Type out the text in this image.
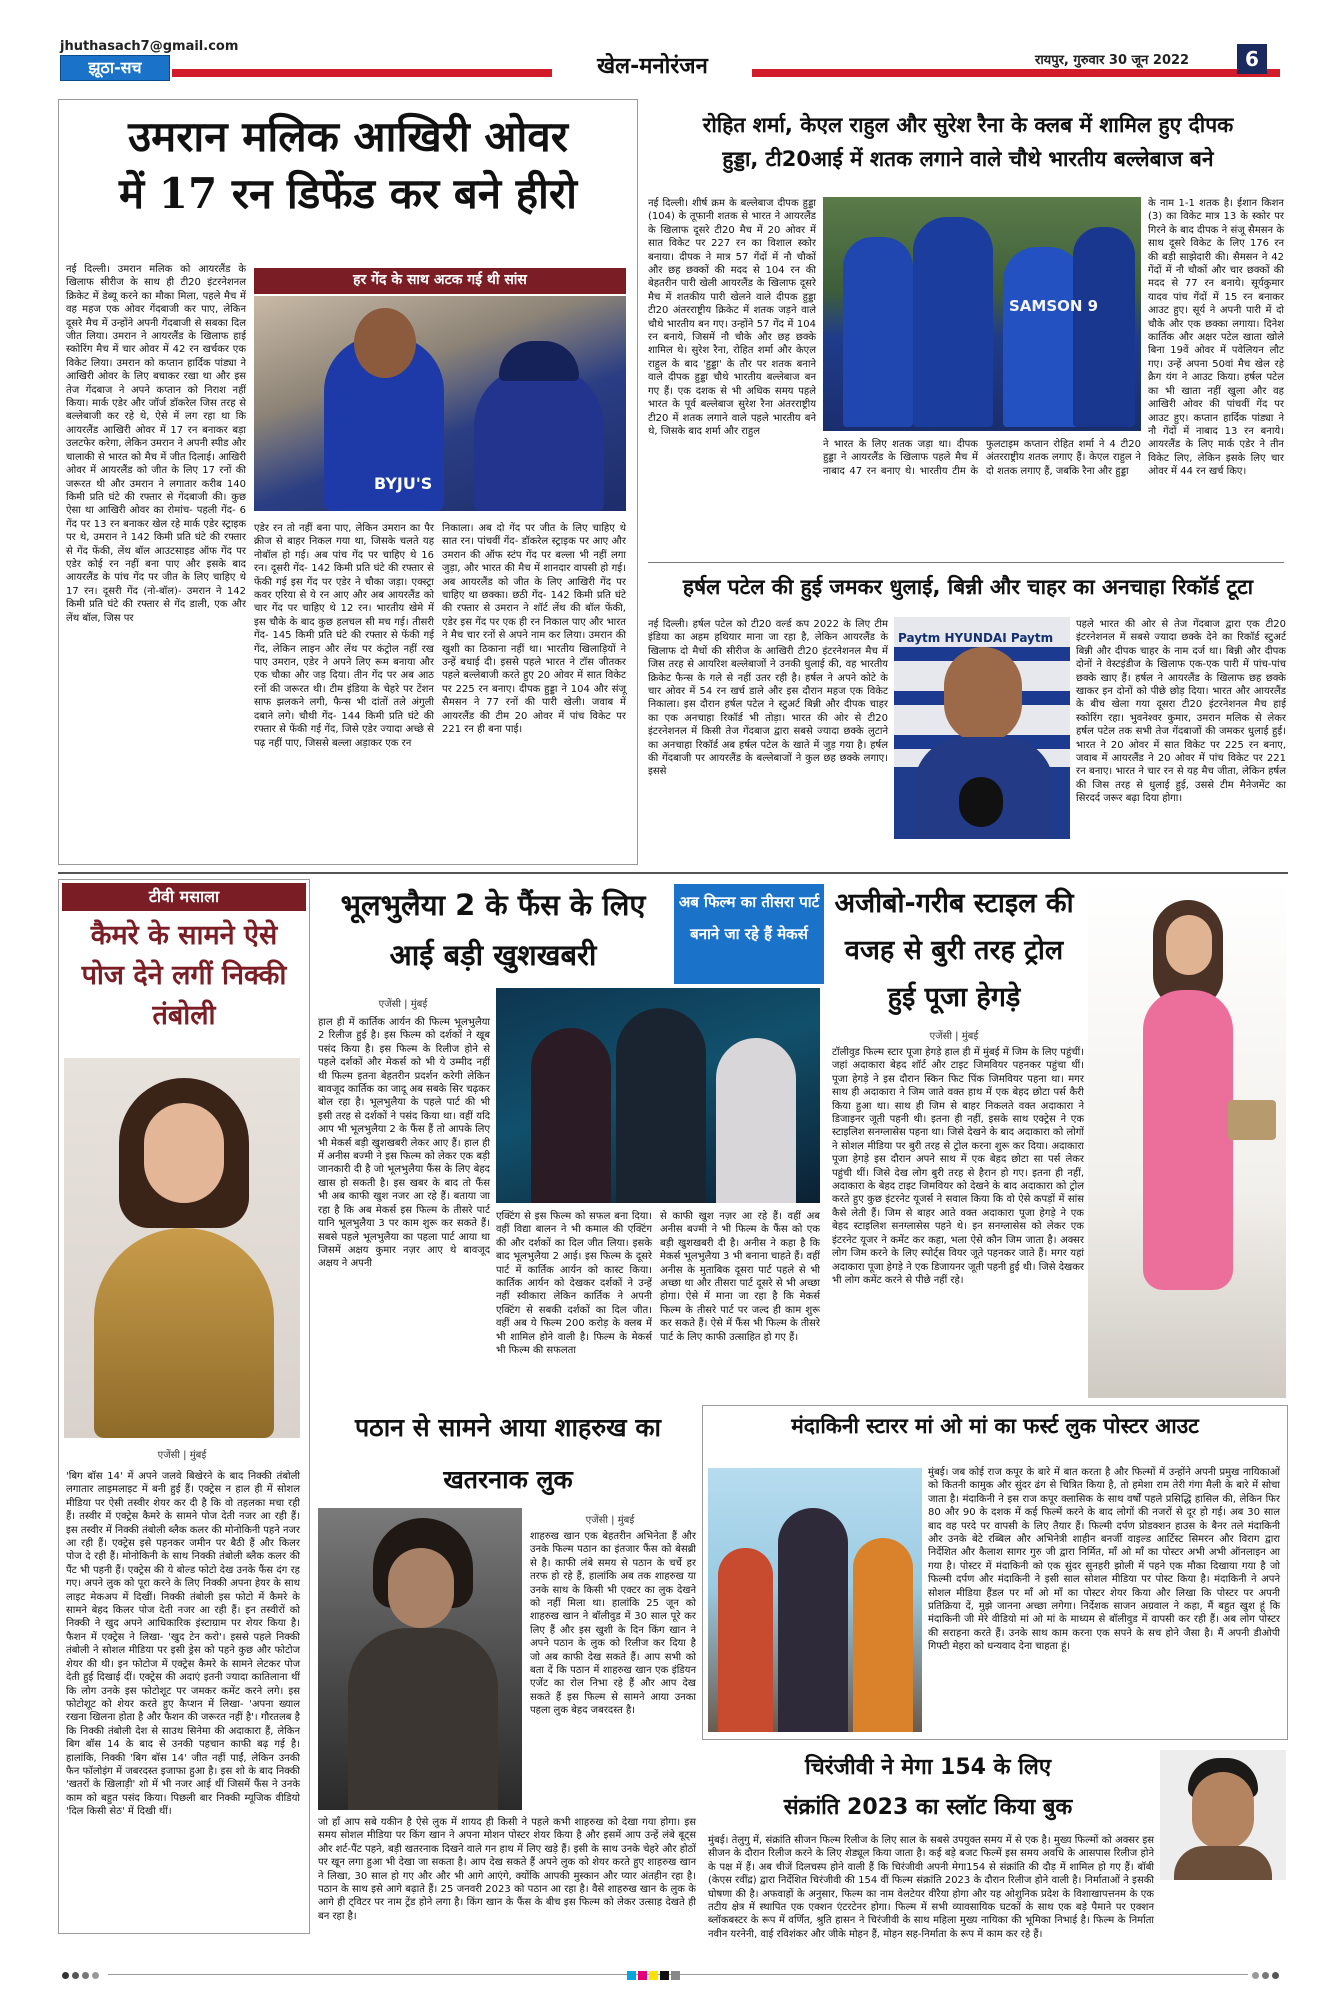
jhuthasach7@gmail.com
झूठा-सच	खेल-मनोरंजन	रायपुर, गुरुवार 30 जून 2022	6
उमरान मलिक आखिरी ओवर
में 17 रन डिफेंड कर बने हीरो
BYJU'S
हर गेंद के साथ अटक गई थी सांस
नई दिल्ली। उमरान मलिक को आयरलैंड के खिलाफ सीरीज के साथ ही टी20 इंटरनेशनल क्रिकेट में डेब्यू करने का मौका मिला, पहले मैच में वह महज एक ओवर गेंदबाजी कर पाए, लेकिन दूसरे मैच में उन्होंने अपनी गेंदबाजी से सबका दिल जीत लिया। उमरान ने आयरलैंड के खिलाफ हाई स्कोरिंग मैच में चार ओवर में 42 रन खर्चकर एक विकेट लिया। उमरान को कप्तान हार्दिक पांड्या ने आखिरी ओवर के लिए बचाकर रखा था और इस तेज गेंदबाज ने अपने कप्तान को निराश नहीं किया। मार्क एडेर और जॉर्ज डॉकरेल जिस तरह से बल्लेबाजी कर रहे थे, ऐसे में लग रहा था कि आयरलैंड आखिरी ओवर में 17 रन बनाकर बड़ा उलटफेर करेगा, लेकिन उमरान ने अपनी स्पीड और चालाकी से भारत को मैच में जीत दिलाई। आखिरी ओवर में आयरलैंड को जीत के लिए 17 रनों की जरूरत थी और उमरान ने लगातार करीब 140 किमी प्रति घंटे की रफ्तार से गेंदबाजी की। कुछ ऐसा था आखिरी ओवर का रोमांच- पहली गेंद- 6 गेंद पर 13 रन बनाकर खेल रहे मार्क एडेर स्ट्राइक पर थे, उमरान ने 142 किमी प्रति घंटे की रफ्तार से गेंद फेंकी, लेंथ बॉल आउटसाइड ऑफ गेंद पर एडेर कोई रन नहीं बना पाए और इसके बाद आयरलैंड के पांच गेंद पर जीत के लिए चाहिए थे 17 रन। दूसरी गेंद (नो-बॉल)- उमरान ने 142 किमी प्रति घंटे की रफ्तार से गेंद डाली, एक और लेंथ बॉल, जिस पर
एडेर रन तो नहीं बना पाए, लेकिन उमरान का पैर क्रीज से बाहर निकल गया था, जिसके चलते यह नोबॉल हो गई। अब पांच गेंद पर चाहिए थे 16 रन। दूसरी गेंद- 142 किमी प्रति घंटे की रफ्तार से फेंकी गई इस गेंद पर एडेर ने चौका जड़ा। एक्स्ट्रा कवर एरिया से ये रन आए और अब आयरलैंड को चार गेंद पर चाहिए थे 12 रन। भारतीय खेमे में इस चौके के बाद कुछ हलचल सी मच गई। तीसरी गेंद- 145 किमी प्रति घंटे की रफ्तार से फेंकी गई गेंद, लेकिन लाइन और लेंथ पर कंट्रोल नहीं रख पाए उमरान, एडेर ने अपने लिए रूम बनाया और एक चौका और जड़ दिया। तीन गेंद पर अब आठ रनों की जरूरत थी। टीम इंडिया के चेहरे पर टेंशन साफ झलकने लगी, फैन्स भी दांतों तले अंगुली दबाने लगे। चौथी गेंद- 144 किमी प्रति घंटे की रफ्तार से फेंकी गई गेंद, जिसे एडेर ज्यादा अच्छे से पढ़ नहीं पाए, जिससे बल्ला अड़ाकर एक रन
निकाला। अब दो गेंद पर जीत के लिए चाहिए थे सात रन। पांचवीं गेंद- डॉकरेल स्ट्राइक पर आए और उमरान की ऑफ स्टंप गेंद पर बल्ला भी नहीं लगा जुड़ा, और भारत की मैच में शानदार वापसी हो गई। अब आयरलैंड को जीत के लिए आखिरी गेंद पर चाहिए था छक्का। छठी गेंद- 142 किमी प्रति घंटे की रफ्तार से उमरान ने शॉर्ट लेंथ की बॉल फेंकी, एडेर इस गेंद पर एक ही रन निकाल पाए और भारत ने मैच चार रनों से अपने नाम कर लिया। उमरान की खुशी का ठिकाना नहीं था। भारतीय खिलाड़ियों ने उन्हें बधाई दी। इससे पहले भारत ने टॉस जीतकर पहले बल्लेबाजी करते हुए 20 ओवर में सात विकेट पर 225 रन बनाए। दीपक हुड्डा ने 104 और संजू सैमसन ने 77 रनों की पारी खेली। जवाब में आयरलैंड की टीम 20 ओवर में पांच विकेट पर 221 रन ही बना पाई।
रोहित शर्मा, केएल राहुल और सुरेश रैना के क्लब में शामिल हुए दीपक
हुड्डा, टी20आई में शतक लगाने वाले चौथे भारतीय बल्लेबाज बने
नई दिल्ली। शीर्ष क्रम के बल्लेबाज दीपक हुड्डा (104) के तूफानी शतक से भारत ने आयरलैंड के खिलाफ दूसरे टी20 मैच में 20 ओवर में सात विकेट पर 227 रन का विशाल स्कोर बनाया। दीपक ने मात्र 57 गेंदों में नौ चौकों और छह छक्कों की मदद से 104 रन की बेहतरीन पारी खेली आयरलैंड के खिलाफ दूसरे मैच में शतकीय पारी खेलने वाले दीपक हुड्डा टी20 अंतरराष्ट्रीय क्रिकेट में शतक जड़ने वाले चौथे भारतीय बन गए। उन्होंने 57 गेंद में 104 रन बनाये, जिसमें नौ चौके और छह छक्के शामिल थे। सुरेश रैना, रोहित शर्मा और केएल राहुल के बाद 'हुड्डा' के तौर पर शतक बनाने वाले दीपक हुड्डा चौथे भारतीय बल्लेबाज बन गए हैं। एक दशक से भी अधिक समय पहले भारत के पूर्व बल्लेबाज सुरेश रैना अंतरराष्ट्रीय टी20 में शतक लगाने वाले पहले भारतीय बने थे, जिसके बाद शर्मा और राहुल
SAMSON 9
ने भारत के लिए शतक जड़ा था। दीपक हुड्डा ने आयरलैंड के खिलाफ पहले मैच में नाबाद 47 रन बनाए थे। भारतीय टीम के फुलटाइम कप्तान रोहित शर्मा ने 4 टी20 अंतरराष्ट्रीय शतक लगाए हैं। केएल राहुल ने दो शतक लगाए हैं, जबकि रैना और हुड्डा
के नाम 1-1 शतक है। ईशान किशन (3) का विकेट मात्र 13 के स्कोर पर गिरने के बाद दीपक ने संजू सैमसन के साथ दूसरे विकेट के लिए 176 रन की बड़ी साझेदारी की। सैमसन ने 42 गेंदों में नौ चौकों और चार छक्कों की मदद से 77 रन बनाये। सूर्यकुमार यादव पांच गेंदों में 15 रन बनाकर आउट हुए। सूर्य ने अपनी पारी में दो चौके और एक छक्का लगाया। दिनेश कार्तिक और अक्षर पटेल खाता खोले बिना 19वें ओवर में पवेलियन लौट गए। उन्हें अपना 50वां मैच खेल रहे क्रैग यंग ने आउट किया। हर्षल पटेल का भी खाता नहीं खुला और वह आखिरी ओवर की पांचवीं गेंद पर आउट हुए। कप्तान हार्दिक पांड्या ने नौ गेंदों में नाबाद 13 रन बनाये। आयरलैंड के लिए मार्क एडेर ने तीन विकेट लिए, लेकिन इसके लिए चार ओवर में 44 रन खर्च किए।
हर्षल पटेल की हुई जमकर धुलाई, बिन्नी और चाहर का अनचाहा रिकॉर्ड टूटा
नई दिल्ली। हर्षल पटेल को टी20 वर्ल्ड कप 2022 के लिए टीम इंडिया का अहम हथियार माना जा रहा है, लेकिन आयरलैंड के खिलाफ दो मैचों की सीरीज के आखिरी टी20 इंटरनेशनल मैच में जिस तरह से आयरिश बल्लेबाजों ने उनकी धुलाई की, वह भारतीय क्रिकेट फैन्स के गले से नहीं उतर रही है। हर्षल ने अपने कोटे के चार ओवर में 54 रन खर्च डाले और इस दौरान महज एक विकेट निकाला। इस दौरान हर्षल पटेल ने स्टुअर्ट बिन्नी और दीपक चाहर का एक अनचाहा रिकॉर्ड भी तोड़ा। भारत की ओर से टी20 इंटरनेशनल में किसी तेज गेंदबाज द्वारा सबसे ज्यादा छक्के लुटाने का अनचाहा रिकॉर्ड अब हर्षल पटेल के खाते में जुड़ गया है। हर्षल की गेंदबाजी पर आयरलैंड के बल्लेबाजों ने कुल छह छक्के लगाए। इससे
Paytm HYUNDAI Paytm
पहले भारत की ओर से तेज गेंदबाज द्वारा एक टी20 इंटरनेशनल में सबसे ज्यादा छक्के देने का रिकॉर्ड स्टुअर्ट बिन्नी और दीपक चाहर के नाम दर्ज था। बिन्नी और दीपक दोनों ने वेस्टइंडीज के खिलाफ एक-एक पारी में पांच-पांच छक्के खाए हैं। हर्षल ने आयरलैंड के खिलाफ छह छक्के खाकर इन दोनों को पीछे छोड़ दिया। भारत और आयरलैंड के बीच खेला गया दूसरा टी20 इंटरनेशनल मैच हाई स्कोरिंग रहा। भुवनेश्वर कुमार, उमरान मलिक से लेकर हर्षल पटेल तक सभी तेज गेंदबाजों की जमकर धुलाई हुई। भारत ने 20 ओवर में सात विकेट पर 225 रन बनाए, जवाब में आयरलैंड ने 20 ओवर में पांच विकेट पर 221 रन बनाए। भारत ने चार रन से यह मैच जीता, लेकिन हर्षल की जिस तरह से धुलाई हुई, उससे टीम मैनेजमेंट का सिरदर्द जरूर बढ़ा दिया होगा।
टीवी मसाला
कैमरे के सामने ऐसे पोज देने लगीं निक्की तंबोली
एजेंसी | मुंबई
'बिग बॉस 14' में अपने जलवे बिखेरने के बाद निक्की तंबोली लगातार लाइमलाइट में बनी हुई हैं। एक्ट्रेस न हाल ही में सोशल मीडिया पर ऐसी तस्वीर शेयर कर दी है कि वो तहलका मचा रही हैं। तस्वीर में एक्ट्रेस कैमरे के सामने पोज देती नजर आ रही हैं। इस तस्वीर में निक्की तंबोली ब्लैक कलर की मोनोकिनी पहने नजर आ रही हैं। एक्ट्रेस इसे पहनकर जमीन पर बैठी हैं और किलर पोज दे रही हैं। मोनोकिनी के साथ निक्की तंबोली ब्लैक कलर की पैंट भी पहनी हैं। एक्ट्रेस की ये बोल्ड फोटो देख उनके फैंस दंग रह गए। अपने लुक को पूरा करने के लिए निक्की अपना हेयर के साथ लाइट मेकअप में दिखीं। निक्की तंबोली इस फोटो में कैमरे के सामने बेहद किलर पोज देती नजर आ रही हैं। इन तस्वीरों को निक्की ने खुद अपने आधिकारिक इंस्टाग्राम पर शेयर किया है। फैशन में एक्ट्रेस ने लिखा- 'खुद टेन करो'। इससे पहले निक्की तंबोली ने सोशल मीडिया पर इसी ड्रेस को पहने कुछ और फोटोज शेयर की थी। इन फोटोज में एक्ट्रेस कैमरे के सामने लेटकर पोज देती हुई दिखाई दीं। एक्ट्रेस की अदाएं इतनी ज्यादा कातिलाना थीं कि लोग उनके इस फोटोशूट पर जमकर कमेंट करने लगे। इस फोटोशूट को शेयर करते हुए कैप्शन में लिखा- 'अपना ख्याल रखना खिलना होता है और फैशन की जरूरत नहीं है'। गौरतलब है कि निक्की तंबोली देश से साउथ सिनेमा की अदाकारा हैं, लेकिन बिग बॉस 14 के बाद से उनकी पहचान काफी बढ़ गई है। हालांकि, निक्की 'बिग बॉस 14' जीत नहीं पाईं, लेकिन उनकी फैन फॉलोइंग में जबरदस्त इजाफा हुआ है। इस शो के बाद निक्की 'खतरों के खिलाड़ी' शो में भी नजर आई थीं जिसमें फैंस ने उनके काम को बहुत पसंद किया। पिछली बार निक्की म्यूजिक वीडियो 'दिल किसी सेठ' में दिखी थीं।
भूलभुलैया 2 के फैंस के लिए आई बड़ी खुशखबरी
अब फिल्म का तीसरा पार्ट बनाने जा रहे हैं मेकर्स
एजेंसी | मुंबई
हाल ही में कार्तिक आर्यन की फिल्म भूलभुलैया 2 रिलीज हुई है। इस फिल्म को दर्शकों ने खूब पसंद किया है। इस फिल्म के रिलीज होने से पहले दर्शकों और मेकर्स को भी ये उम्मीद नहीं थी फिल्म इतना बेहतरीन प्रदर्शन करेगी लेकिन बावजूद कार्तिक का जादू अब सबके सिर चढ़कर बोल रहा है। भूलभुलैया के पहले पार्ट की भी इसी तरह से दर्शकों ने पसंद किया था। वहीं यदि आप भी भूलभुलैया 2 के फैंस हैं तो आपके लिए भी मेकर्स बड़ी खुशखबरी लेकर आए हैं। हाल ही में अनीस बज्मी ने इस फिल्म को लेकर एक बड़ी जानकारी दी है जो भूलभुलैया फैंस के लिए बेहद खास हो सकती है। इस खबर के बाद तो फैंस भी अब काफी खुश नजर आ रहे हैं। बताया जा रहा है कि अब मेकर्स इस फिल्म के तीसरे पार्ट यानि भूलभुलैया 3 पर काम शुरू कर सकते हैं। सबसे पहले भूलभुलैया का पहला पार्ट आया था जिसमें अक्षय कुमार नज़र आए थे बावजूद अक्षय ने अपनी
एक्टिंग से इस फिल्म को सफल बना दिया। वहीं विद्या बालन ने भी कमाल की एक्टिंग की और दर्शकों का दिल जीत लिया। इसके बाद भूलभुलैया 2 आई। इस फिल्म के दूसरे पार्ट में कार्तिक आर्यन को कास्ट किया। कार्तिक आर्यन को देखकर दर्शकों ने उन्हें नहीं स्वीकारा लेकिन कार्तिक ने अपनी एक्टिंग से सबकी दर्शकों का दिल जीत। वहीं अब ये फिल्म 200 करोड़ के क्लब में भी शामिल होने वाली है। फिल्म के मेकर्स भी फिल्म की सफलता
से काफी खुश नज़र आ रहे हैं। वहीं अब अनीस बज्मी ने भी फिल्म के फैंस को एक बड़ी खुशखबरी दी है। अनीस ने कहा है कि मेकर्स भूलभुलैया 3 भी बनाना चाहते हैं। वहीं अनीस के मुताबिक दूसरा पार्ट पहले से भी अच्छा था और तीसरा पार्ट दूसरे से भी अच्छा होगा। ऐसे में माना जा रहा है कि मेकर्स फिल्म के तीसरे पार्ट पर जल्द ही काम शुरू कर सकते हैं। ऐसे में फैंस भी फिल्म के तीसरे पार्ट के लिए काफी उत्साहित हो गए हैं।
अजीबो-गरीब स्टाइल की वजह से बुरी तरह ट्रोल हुई पूजा हेगड़े
एजेंसी | मुंबई
टॉलीवुड फिल्म स्टार पूजा हेगड़े हाल ही में मुंबई में जिम के लिए पहुंचीं। जहां अदाकारा बेहद शॉर्ट और टाइट जिमवियर पहनकर पहुंचा थीं। पूजा हेगड़े ने इस दौरान स्किन फिट पिंक जिमवियर पहना था। मगर साथ ही अदाकारा ने जिम जाते वक्त हाथ में एक बेहद छोटा पर्स कैरी किया हुआ था। साथ ही जिम से बाहर निकलते वक्त अदाकारा ने डिजाइनर जूती पहनी थी। इतना ही नहीं, इसके साथ एक्ट्रेस ने एक स्टाइलिश सनग्लासेस पहना था। जिसे देखने के बाद अदाकारा को लोगों ने सोशल मीडिया पर बुरी तरह से ट्रोल करना शुरू कर दिया। अदाकारा पूजा हेगड़े इस दौरान अपने साथ में एक बेहद छोटा सा पर्स लेकर पहुंची थीं। जिसे देख लोग बुरी तरह से हैरान हो गए। इतना ही नहीं, अदाकारा के बेहद टाइट जिमवियर को देखने के बाद अदाकारा को ट्रोल करते हुए कुछ इंटरनेट यूजर्स ने सवाल किया कि वो ऐसे कपड़ों में सांस कैसे लेती हैं। जिम से बाहर आते वक्त अदाकारा पूजा हेगड़े ने एक बेहद स्टाइलिश सनग्लासेस पहने थे। इन सनग्लासेस को लेकर एक इंटरनेट यूजर ने कमेंट कर कहा, भला ऐसे कौन जिम जाता है। अक्सर लोग जिम करने के लिए स्पोर्ट्स वियर जूते पहनकर जाते हैं। मगर यहां अदाकारा पूजा हेगड़े ने एक डिजायनर जूती पहनी हुई थी। जिसे देखकर भी लोग कमेंट करने से पीछे नहीं रहे।
पठान से सामने आया शाहरुख का
खतरनाक लुक
एजेंसी | मुंबई
शाहरुख खान एक बेहतरीन अभिनेता हैं और उनके फिल्म पठान का इंतजार फैंस को बेसब्री से है। काफी लंबे समय से पठान के चर्चे हर तरफ हो रहे हैं, हालांकि अब तक शाहरुख या उनके साथ के किसी भी एक्टर का लुक देखने को नहीं मिला था। हालांकि 25 जून को शाहरुख खान ने बॉलीवुड में 30 साल पूरे कर लिए हैं और इस खुशी के दिन किंग खान ने अपने पठान के लुक को रिलीज कर दिया है जो अब काफी देख सकते हैं। आप सभी को बता दें कि पठान में शाहरुख खान एक इंडियन एजेंट का रोल निभा रहे हैं और आप देख सकते हैं इस फिल्म से सामने आया उनका पहला लुक बेहद जबरदस्त है।
जो हाँ आप सबे यकीन है ऐसे लुक में शायद ही किसी ने पहले कभी शाहरुख को देखा गया होगा। इस समय सोशल मीडिया पर किंग खान ने अपना मोशन पोस्टर शेयर किया है और इसमें आप उन्हें लंबे बूट्स और शर्ट-पैंट पहने, बड़ी खतरनाक दिखने वाले गन हाथ में लिए खड़े हैं। इसी के साथ उनके चेहरे और होठों पर खून लगा हुआ भी देखा जा सकता है। आप देख सकते हैं अपने लुक को शेयर करते हुए शाहरुख खान ने लिखा, 30 साल हो गए और और भी आगे आएंगे, क्योंकि आपकी मुस्कान और प्यार अंतहीन रहा है। पठान के साथ इसे आगे बढ़ाते हैं। 25 जनवरी 2023 को पठान आ रहा है। वैसे शाहरुख खान के लुक के आगे ही ट्विटर पर नाम ट्रेंड होने लगा है। किंग खान के फैंस के बीच इस फिल्म को लेकर उत्साह देखते ही बन रहा है।
मंदाकिनी स्टारर मां ओ मां का फर्स्ट लुक पोस्टर आउट
मुंबई। जब कोई राज कपूर के बारे में बात करता है और फिल्मों में उन्होंने अपनी प्रमुख नायिकाओं को कितनी कामुक और सुंदर ढंग से चित्रित किया है, तो हमेशा राम तेरी गंगा मैली के बारे में सोचा जाता है। मंदाकिनी ने इस राज कपूर क्लासिक के साथ वर्षों पहले प्रसिद्धि हासिल की, लेकिन फिर 80 और 90 के दशक में कई फिल्में करने के बाद लोगों की नजरों से दूर हो गई। अब 30 साल बाद वह परदे पर वापसी के लिए तैयार हैं। फिल्मी दर्पण प्रोडक्शन हाउस के बैनर तले मंदाकिनी और उनके बेटे रब्बिल और अभिनेत्री शाहीन बनर्जी वाइल्ड आर्टिस्ट सिमरन और विराग द्वारा निर्देशित और कैलाश सागर गुरु जी द्वारा निर्मित, माँ ओ माँ का पोस्टर अभी अभी ऑनलाइन आ गया है। पोस्टर में मंदाकिनी को एक सुंदर सुनहरी झोली में पहने एक मौका दिखाया गया है जो फिल्मी दर्पण और मंदाकिनी ने इसी साल सोशल मीडिया पर पोस्ट किया है। मंदाकिनी ने अपने सोशल मीडिया हैंडल पर माँ ओ माँ का पोस्टर शेयर किया और लिखा कि पोस्टर पर अपनी प्रतिक्रिया दें, मुझे जानना अच्छा लगेगा। निर्देशक साजन अग्रवाल ने कहा, मैं बहुत खुश हूं कि मंदाकिनी जी मेरे वीडियो मां ओ मां के माध्यम से बॉलीवुड में वापसी कर रही हैं। अब लोग पोस्टर की सराहना करते हैं। उनके साथ काम करना एक सपने के सच होने जैसा है। मैं अपनी डीओपी गिफ्टी मेहरा को धन्यवाद देना चाहता हूं।
चिरंजीवी ने मेगा 154 के लिए
संक्रांति 2023 का स्लॉट किया बुक
मुंबई। तेलुगु में, संक्रांति सीजन फिल्म रिलीज के लिए साल के सबसे उपयुक्त समय में से एक है। मुख्य फिल्मों को अक्सर इस सीजन के दौरान रिलीज करने के लिए शेड्यूल किया जाता है। कई बड़े बजट फिल्में इस समय अवधि के आसपास रिलीज होने के पक्ष में हैं। अब चीजें दिलचस्प होने वाली हैं कि चिरंजीवी अपनी मेगा154 से संक्रांति की दौड़ में शामिल हो गए हैं। बॉबी (केएस रवींद्र) द्वारा निर्देशित चिरंजीवी की 154 वीं फिल्म संक्रांति 2023 के दौरान रिलीज होने वाली है। निर्माताओं ने इसकी घोषणा की है। अफवाहों के अनुसार, फिल्म का नाम वेलटेयर वीरैया होगा और यह ओशुनिक प्रदेश के विशाखापत्तनम के एक तटीय क्षेत्र में स्थापित एक एक्शन एंटरटेनर होगा। फिल्म में सभी व्यावसायिक घटकों के साथ एक बड़े पैमाने पर एक्शन ब्लॉकबस्टर के रूप में वर्णित, श्रुति हासन ने चिरंजीवी के साथ महिला मुख्य नायिका की भूमिका निभाई है। फिल्म के निर्माता नवीन यरनेनी, वाई रविशंकर और जीके मोहन हैं, मोहन सह-निर्माता के रूप में काम कर रहे हैं।
